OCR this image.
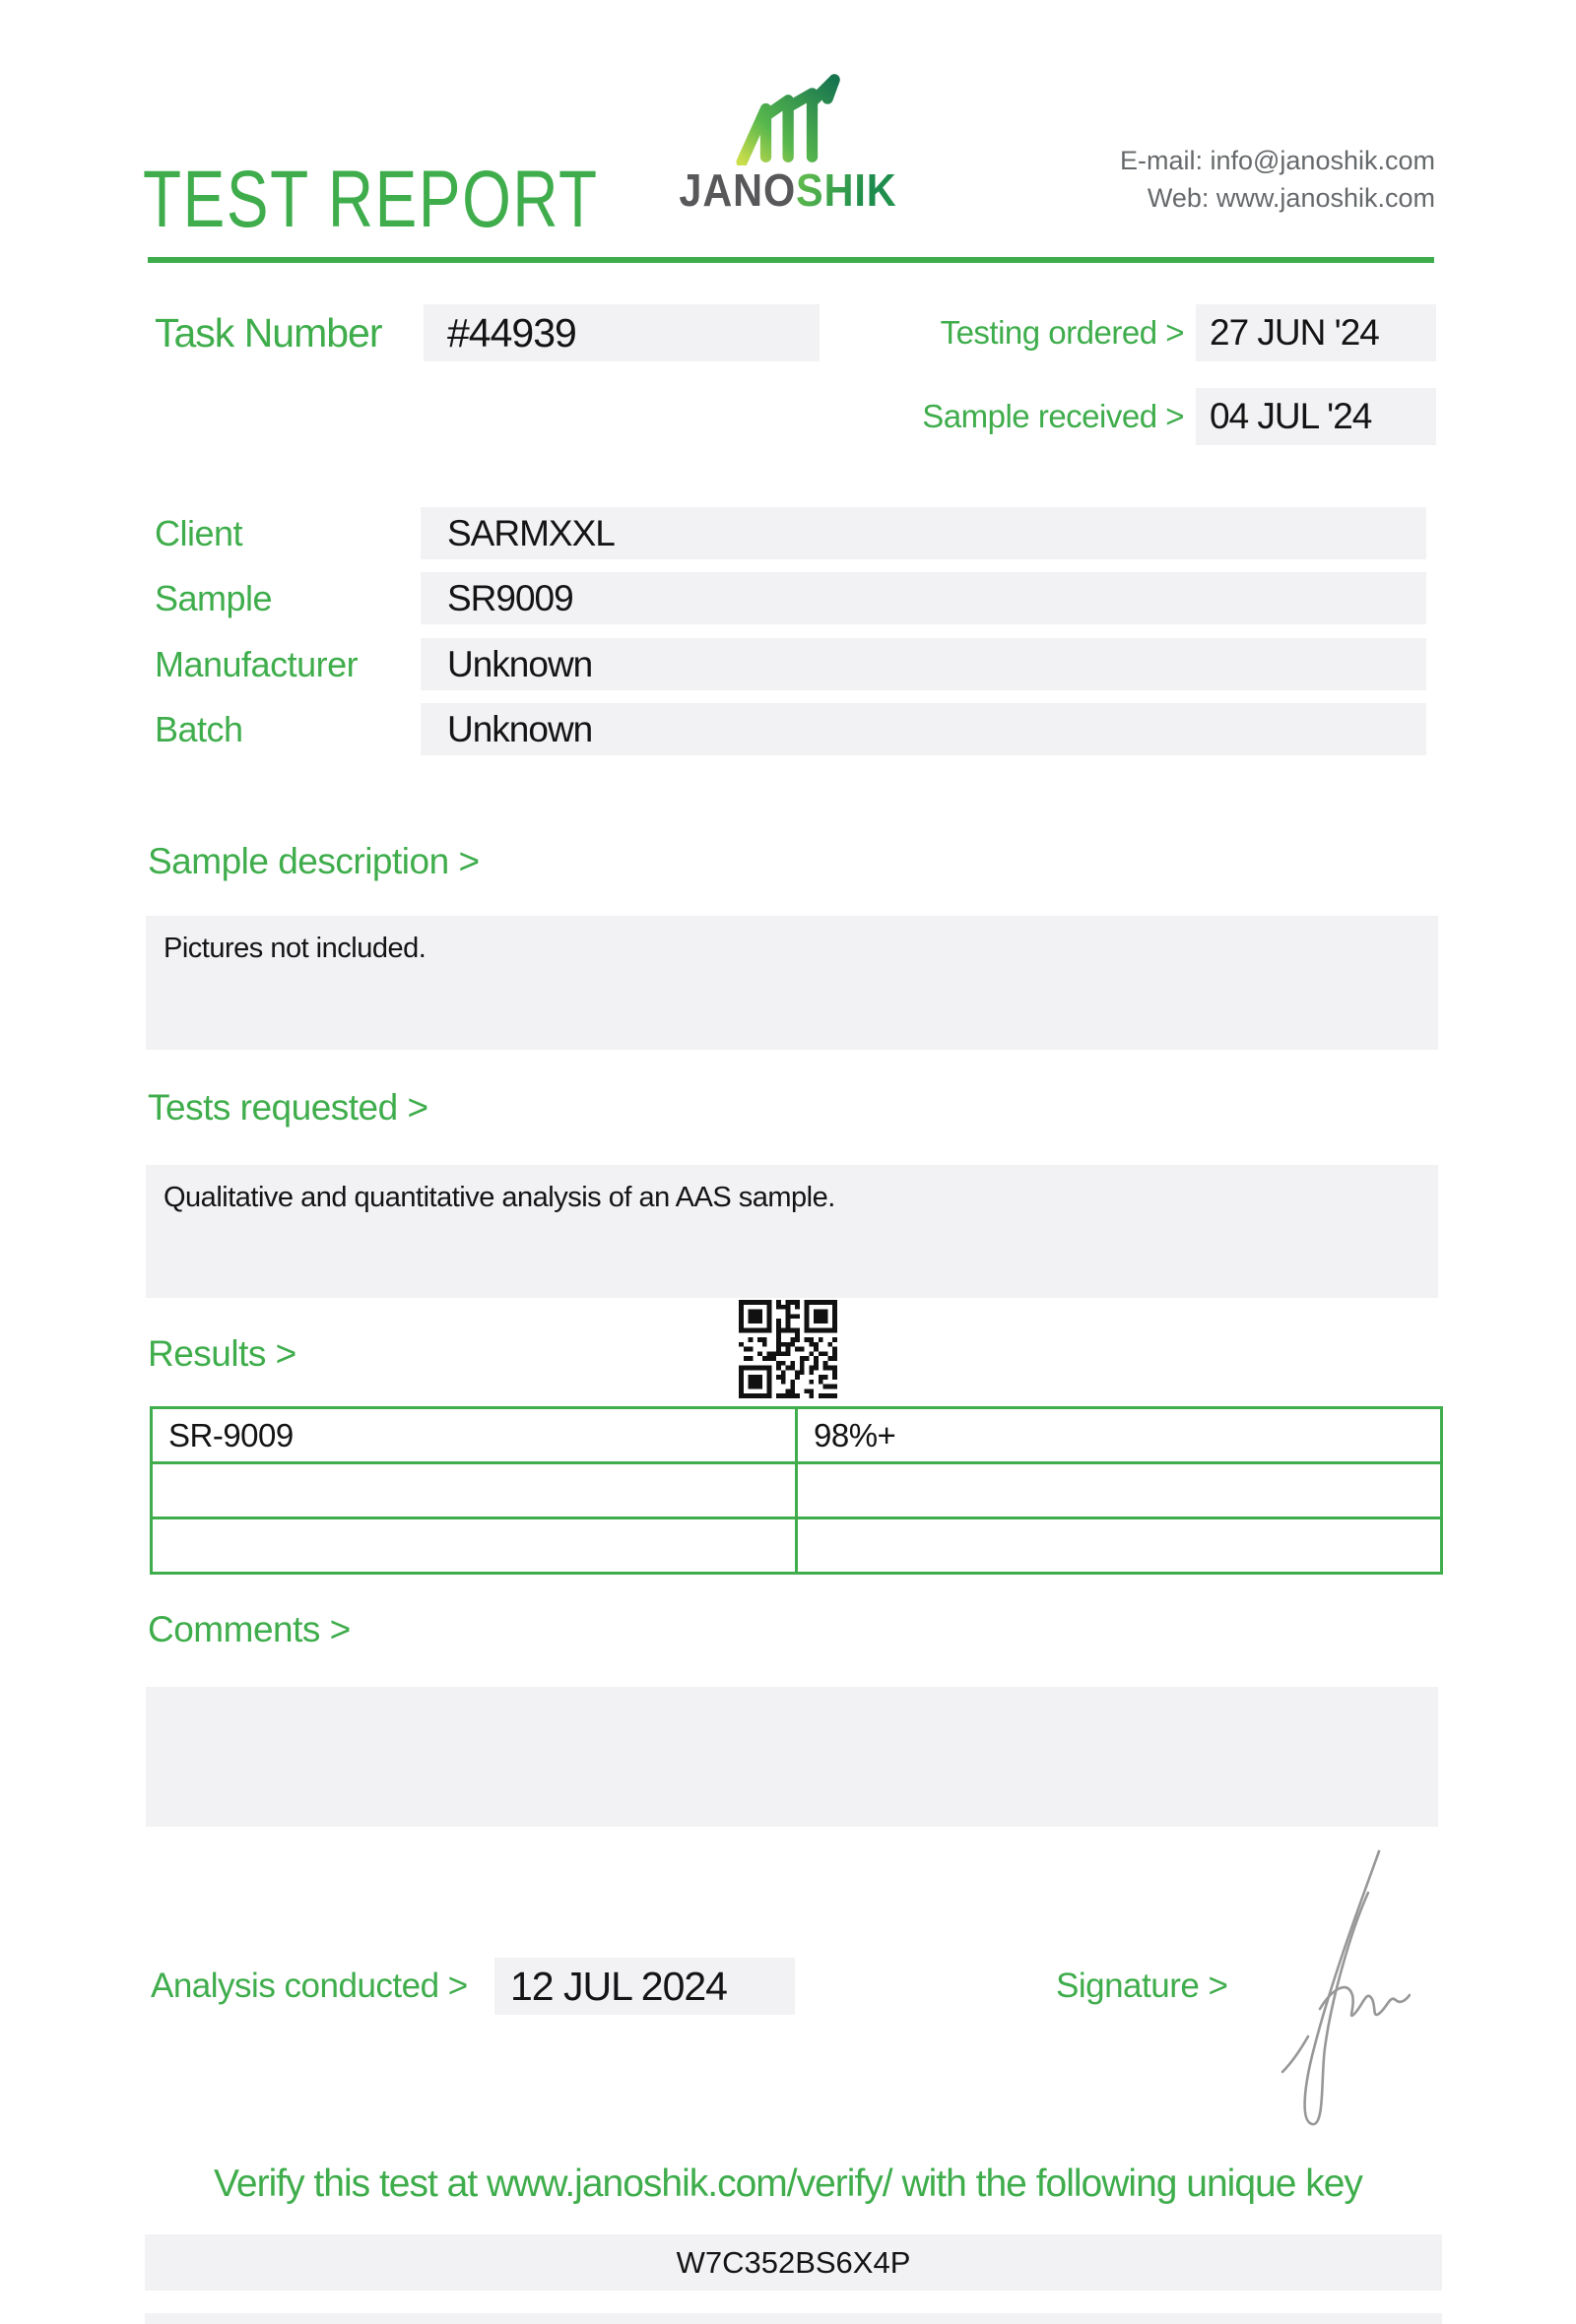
TEST REPORT	JANOSHIK
E-mail: info@janoshik.com
Web: www.janoshik.com
Task Number	#44939	Testing ordered > 27 JUN '24
Sample received > 04 JUL '24
Client	SARMXXL
Sample	SR9009
Manufacturer	Unknown
Batch	Unknown
Sample description >
Pictures not included.
Tests requested >
Qualitative and quantitative analysis of an AAS sample.
Results >
SR-9009	98%+

Comments >
Analysis conducted >	12 JUL 2024	Signature >
Verify this test at www.janoshik.com/verify/ with the following unique key
W7C352BS6X4P
